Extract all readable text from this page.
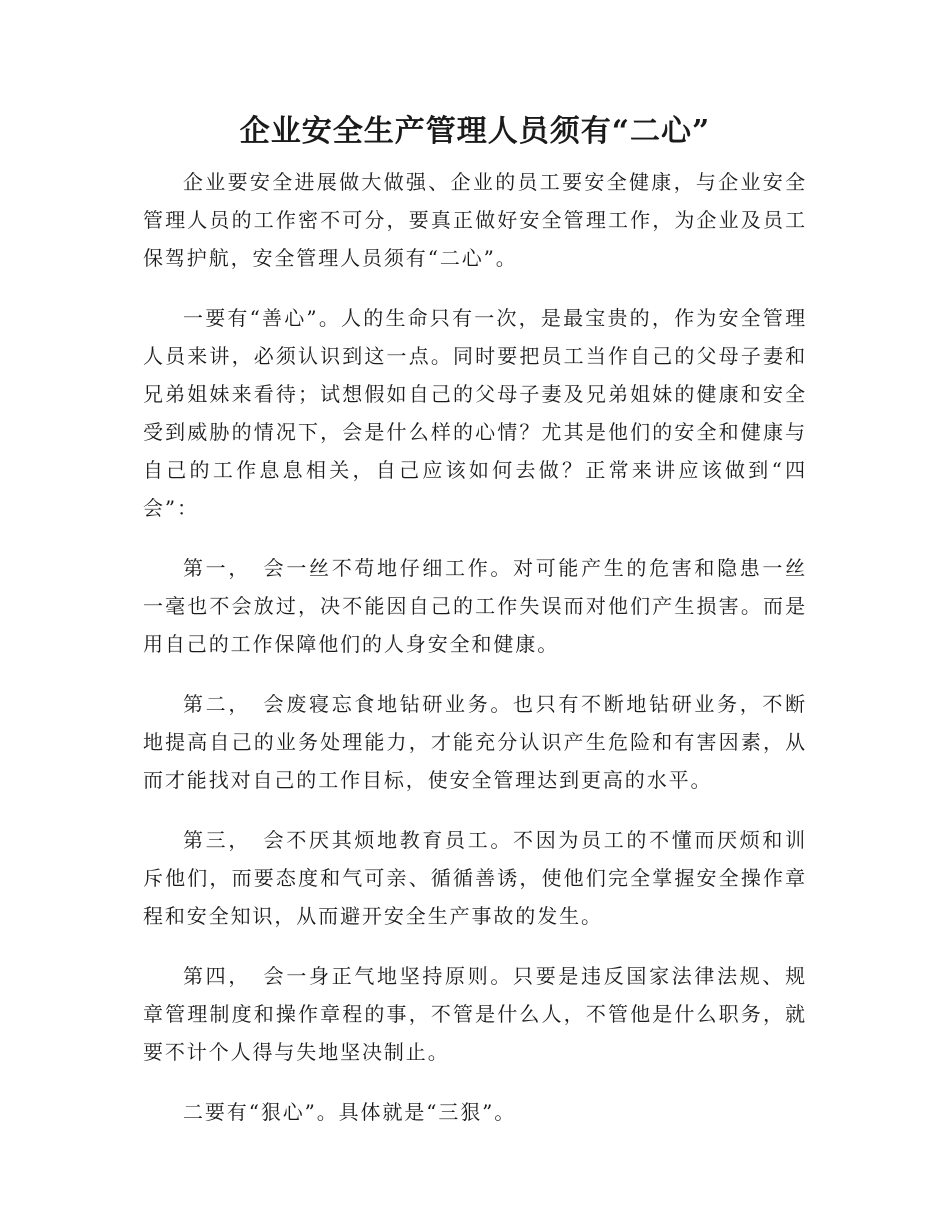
企业安全生产管理人员须有“二心”

企业要安全进展做大做强、企业的员工要安全健康，与企业安全管理人员的工作密不可分，要真正做好安全管理工作，为企业及员工保驾护航，安全管理人员须有“二心”。

一要有“善心”。人的生命只有一次，是最宝贵的，作为安全管理人员来讲，必须认识到这一点。同时要把员工当作自己的父母子妻和兄弟姐妹来看待；试想假如自己的父母子妻及兄弟姐妹的健康和安全受到威胁的情况下，会是什么样的心情？尤其是他们的安全和健康与自己的工作息息相关，自己应该如何去做？正常来讲应该做到“四会”：

第一，　会一丝不苟地仔细工作。对可能产生的危害和隐患一丝一毫也不会放过，决不能因自己的工作失误而对他们产生损害。而是用自己的工作保障他们的人身安全和健康。

第二，　会废寝忘食地钻研业务。也只有不断地钻研业务，不断地提高自己的业务处理能力，才能充分认识产生危险和有害因素，从而才能找对自己的工作目标，使安全管理达到更高的水平。

第三，　会不厌其烦地教育员工。不因为员工的不懂而厌烦和训斥他们，而要态度和气可亲、循循善诱，使他们完全掌握安全操作章程和安全知识，从而避开安全生产事故的发生。

第四，　会一身正气地坚持原则。只要是违反国家法律法规、规章管理制度和操作章程的事，不管是什么人，不管他是什么职务，就要不计个人得与失地坚决制止。

二要有“狠心”。具体就是“三狠”。
